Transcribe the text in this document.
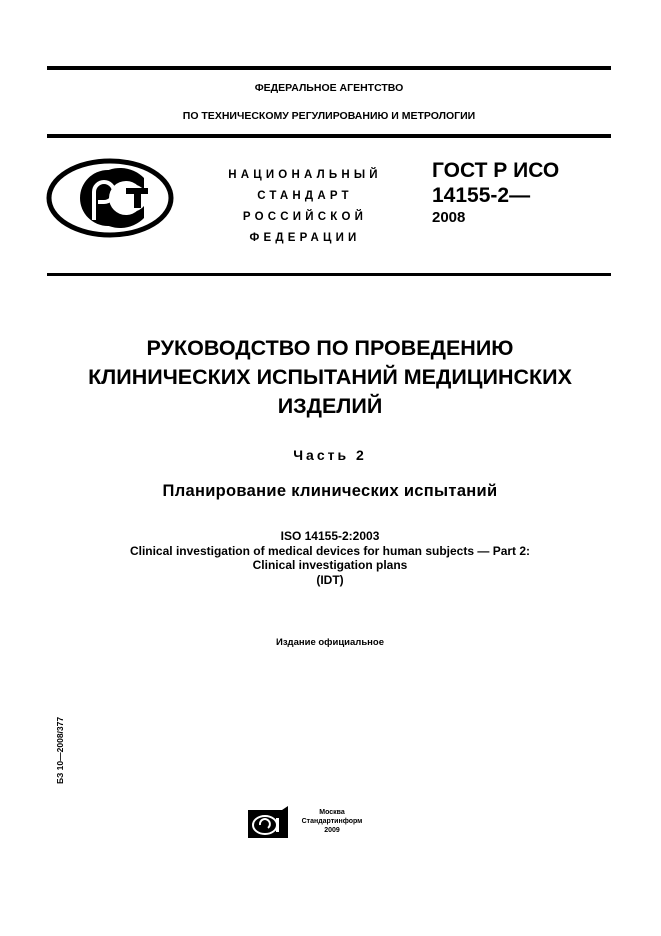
ФЕДЕРАЛЬНОЕ АГЕНТСТВО
ПО ТЕХНИЧЕСКОМУ РЕГУЛИРОВАНИЮ И МЕТРОЛОГИИ
НАЦИОНАЛЬНЫЙ
СТАНДАРТ
РОССИЙСКОЙ
ФЕДЕРАЦИИ
ГОСТ Р ИСО
14155-2—
2008
РУКОВОДСТВО ПО ПРОВЕДЕНИЮ
КЛИНИЧЕСКИХ ИСПЫТАНИЙ МЕДИЦИНСКИХ
ИЗДЕЛИЙ
Часть 2
Планирование клинических испытаний
ISO 14155-2:2003
Clinical investigation of medical devices for human subjects — Part 2:
Clinical investigation plans
(IDT)
Издание официальное
БЗ 10—2008/377
Москва
Стандартинформ
2009
